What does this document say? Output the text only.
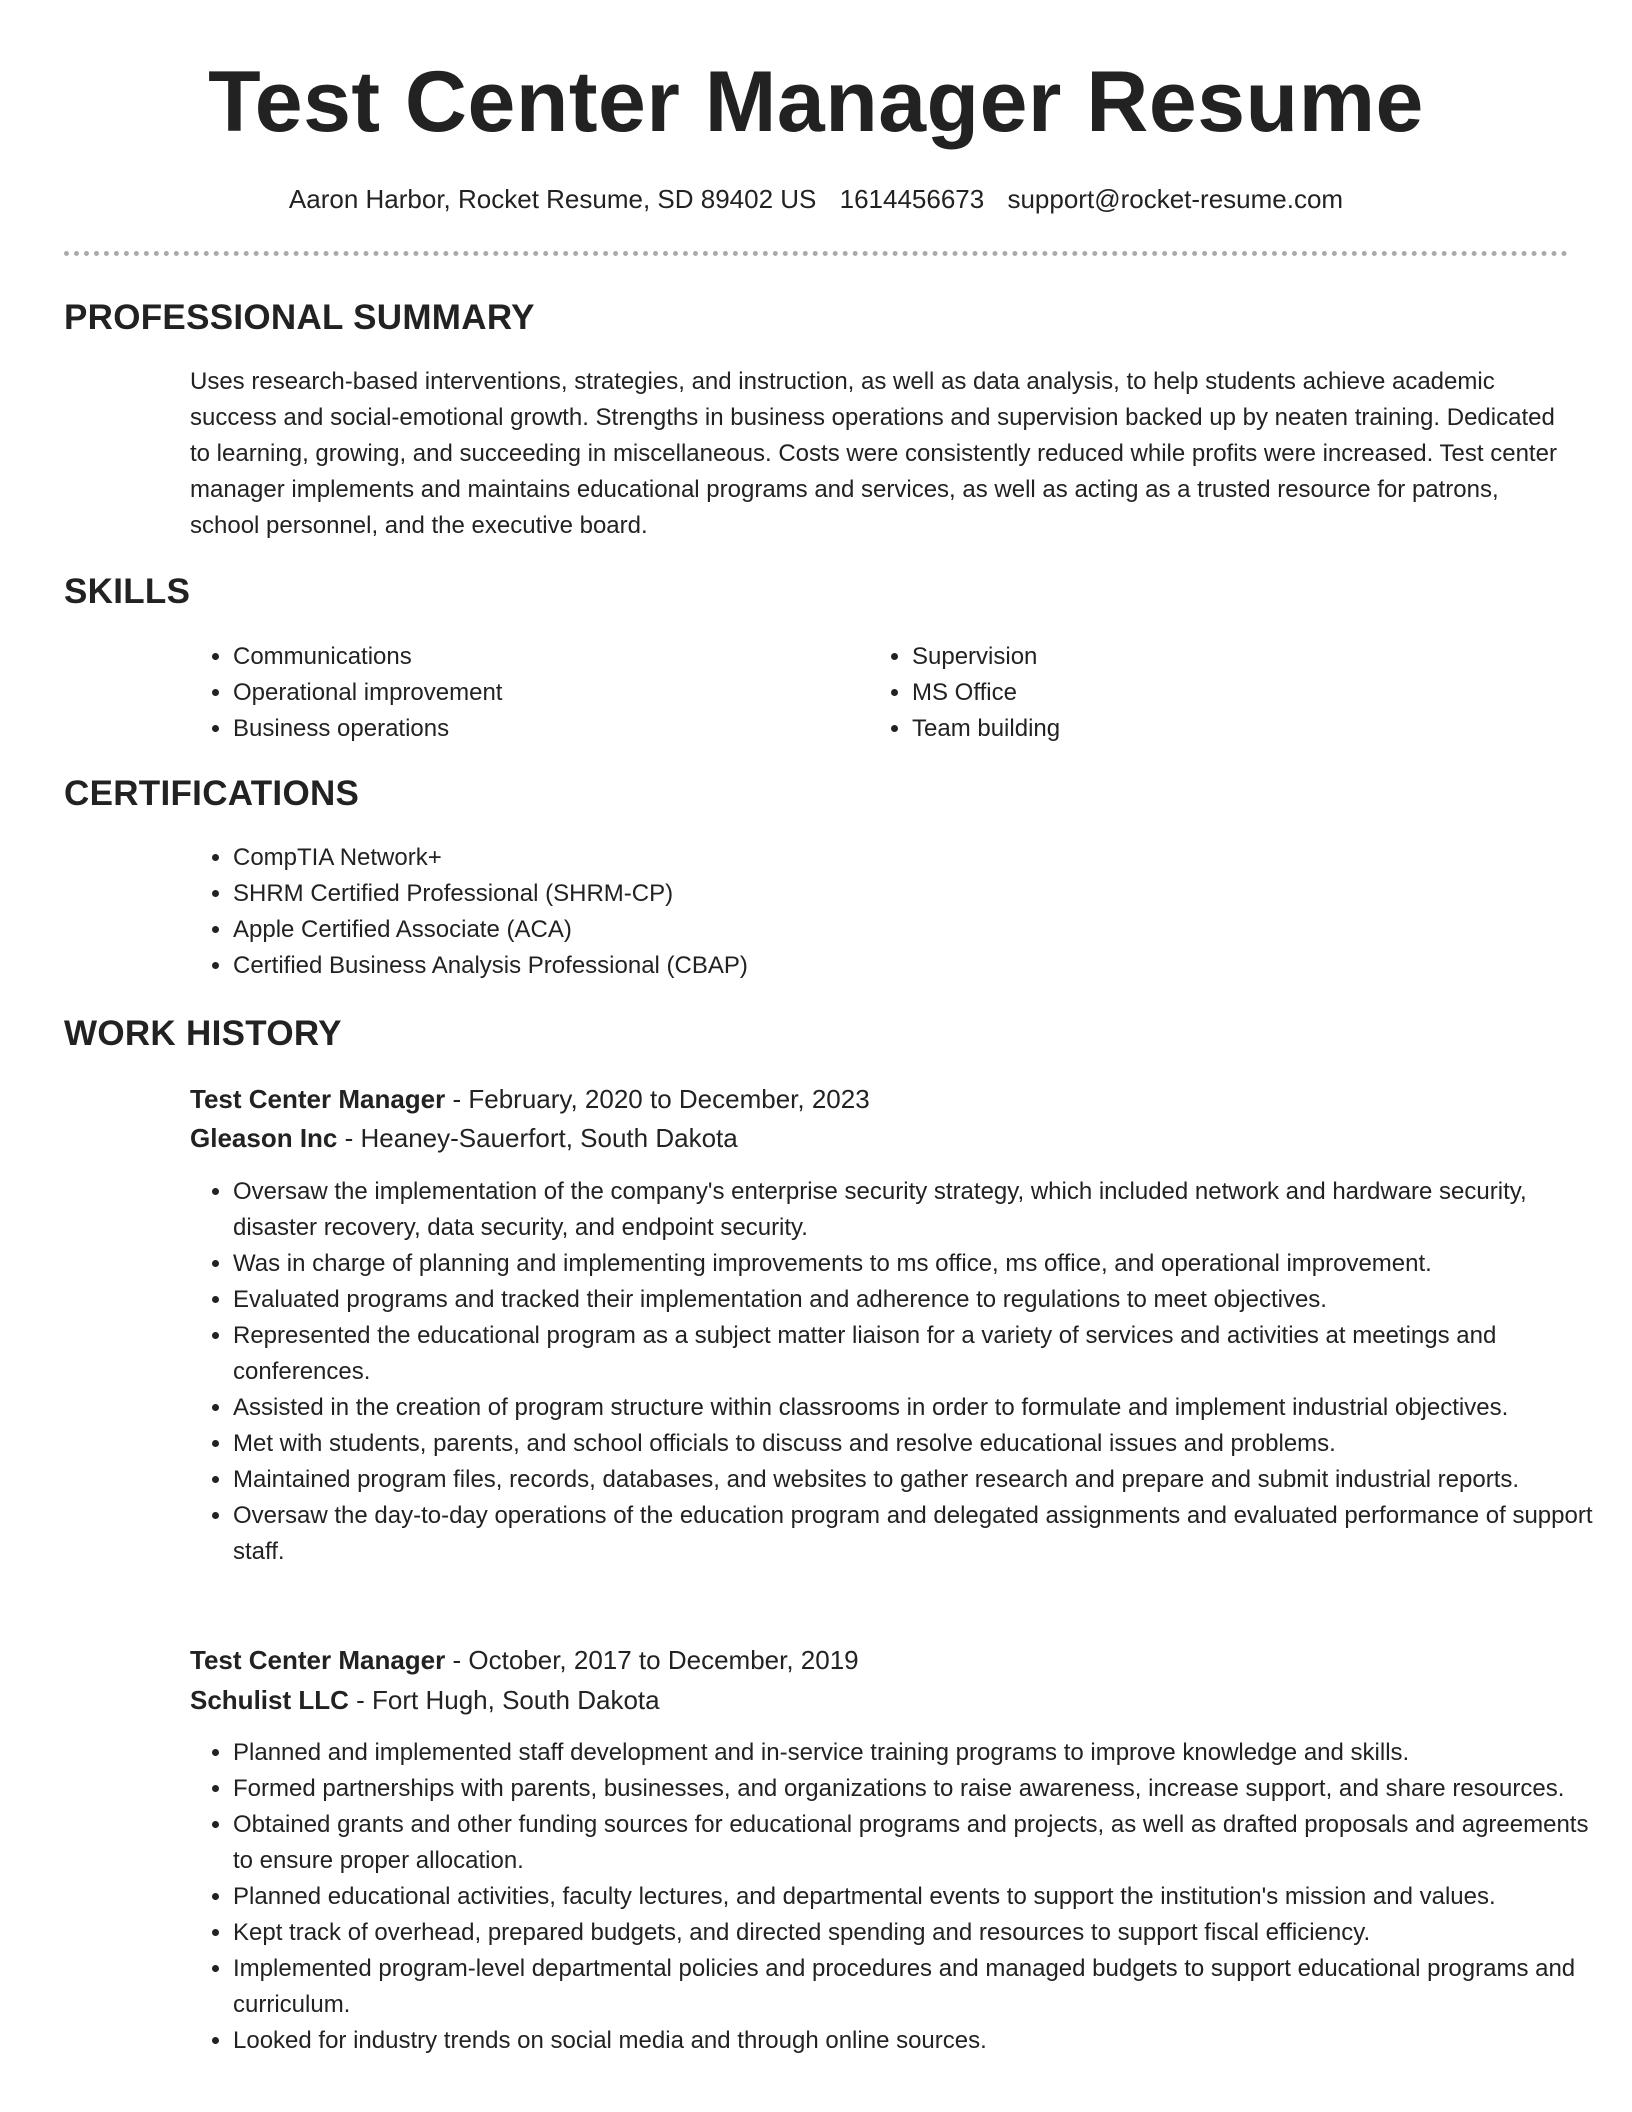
Test Center Manager Resume
Aaron Harbor, Rocket Resume, SD 89402 US 1614456673 support@rocket-resume.com
PROFESSIONAL SUMMARY

Uses research-based interventions, strategies, and instruction, as well as data analysis, to help students achieve academic success and social-emotional growth. Strengths in business operations and supervision backed up by neaten training. Dedicated to learning, growing, and succeeding in miscellaneous. Costs were consistently reduced while profits were increased. Test center manager implements and maintains educational programs and services, as well as acting as a trusted resource for patrons, school personnel, and the executive board.

SKILLS
• Communications
• Operational improvement
• Business operations
• Supervision
• MS Office
• Team building
CERTIFICATIONS
• CompTIA Network+
• SHRM Certified Professional (SHRM-CP)
• Apple Certified Associate (ACA)
• Certified Business Analysis Professional (CBAP)
WORK HISTORY
Test Center Manager - February, 2020 to December, 2023
Gleason Inc - Heaney-Sauerfort, South Dakota
• Oversaw the implementation of the company's enterprise security strategy, which included network and hardware security, disaster recovery, data security, and endpoint security.
• Was in charge of planning and implementing improvements to ms office, ms office, and operational improvement.
• Evaluated programs and tracked their implementation and adherence to regulations to meet objectives.
• Represented the educational program as a subject matter liaison for a variety of services and activities at meetings and conferences.
• Assisted in the creation of program structure within classrooms in order to formulate and implement industrial objectives.
• Met with students, parents, and school officials to discuss and resolve educational issues and problems.
• Maintained program files, records, databases, and websites to gather research and prepare and submit industrial reports.
• Oversaw the day-to-day operations of the education program and delegated assignments and evaluated performance of support staff.
Test Center Manager - October, 2017 to December, 2019
Schulist LLC - Fort Hugh, South Dakota
• Planned and implemented staff development and in-service training programs to improve knowledge and skills.
• Formed partnerships with parents, businesses, and organizations to raise awareness, increase support, and share resources.
• Obtained grants and other funding sources for educational programs and projects, as well as drafted proposals and agreements to ensure proper allocation.
• Planned educational activities, faculty lectures, and departmental events to support the institution's mission and values.
• Kept track of overhead, prepared budgets, and directed spending and resources to support fiscal efficiency.
• Implemented program-level departmental policies and procedures and managed budgets to support educational programs and curriculum.
• Looked for industry trends on social media and through online sources.
